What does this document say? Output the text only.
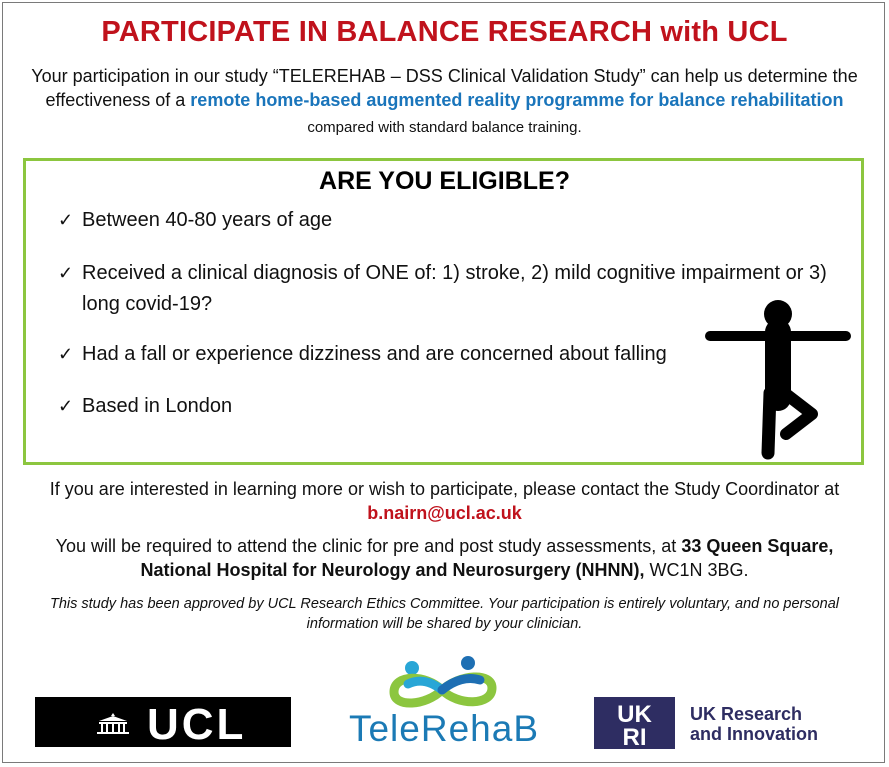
PARTICIPATE IN BALANCE RESEARCH with UCL
Your participation in our study “TELEREHAB – DSS Clinical Validation Study” can help us determine the effectiveness of a remote home-based augmented reality programme for balance rehabilitation compared with standard balance training.
ARE YOU ELIGIBLE?
✓ Between 40-80 years of age
✓ Received a clinical diagnosis of ONE of: 1) stroke, 2) mild cognitive impairment or 3) long covid-19?
✓ Had a fall or experience dizziness and are concerned about falling
✓ Based in London
If you are interested in learning more or wish to participate, please contact the Study Coordinator at
b.nairn@ucl.ac.uk
You will be required to attend the clinic for pre and post study assessments, at 33 Queen Square, National Hospital for Neurology and Neurosurgery (NHNN), WC1N 3BG.
This study has been approved by UCL Research Ethics Committee. Your participation is entirely voluntary, and no personal information will be shared by your clinician.
UCL	TeleRehaB	UK
RI
UK Research
and Innovation
